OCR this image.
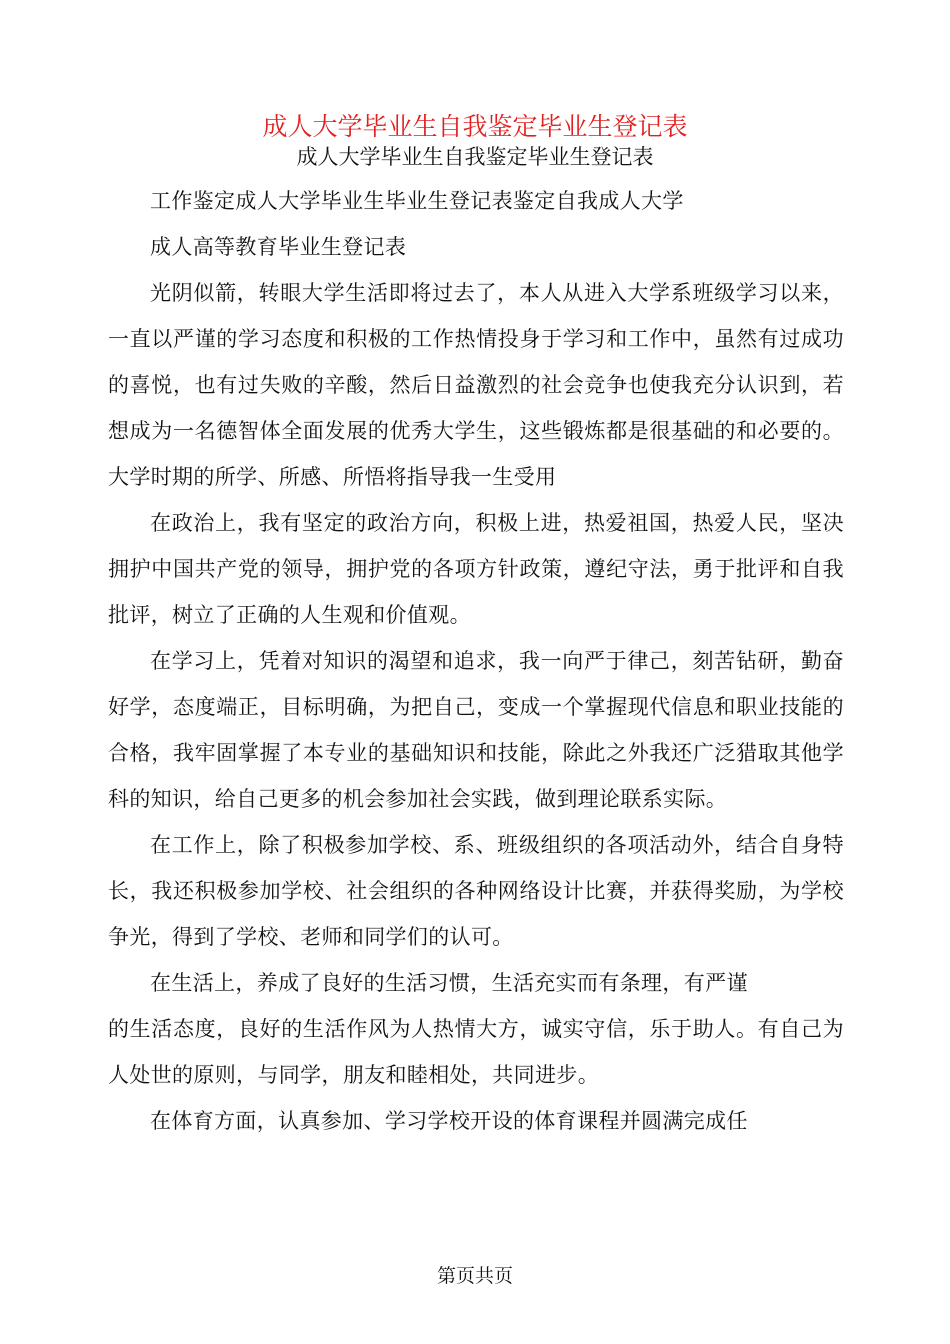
成人大学毕业生自我鉴定毕业生登记表
成人大学毕业生自我鉴定毕业生登记表

工作鉴定成人大学毕业生毕业生登记表鉴定自我成人大学

成人高等教育毕业生登记表

光阴似箭，转眼大学生活即将过去了，本人从进入大学系班级学习以来，一直以严谨的学习态度和积极的工作热情投身于学习和工作中，虽然有过成功的喜悦，也有过失败的辛酸，然后日益激烈的社会竞争也使我充分认识到，若想成为一名德智体全面发展的优秀大学生，这些锻炼都是很基础的和必要的。大学时期的所学、所感、所悟将指导我一生受用

在政治上，我有坚定的政治方向，积极上进，热爱祖国，热爱人民，坚决拥护中国共产党的领导，拥护党的各项方针政策，遵纪守法，勇于批评和自我批评，树立了正确的人生观和价值观。

在学习上，凭着对知识的渴望和追求，我一向严于律己，刻苦钻研，勤奋好学，态度端正，目标明确，为把自己，变成一个掌握现代信息和职业技能的合格，我牢固掌握了本专业的基础知识和技能，除此之外我还广泛猎取其他学科的知识，给自己更多的机会参加社会实践，做到理论联系实际。

在工作上，除了积极参加学校、系、班级组织的各项活动外，结合自身特长，我还积极参加学校、社会组织的各种网络设计比赛，并获得奖励，为学校争光，得到了学校、老师和同学们的认可。

在生活上，养成了良好的生活习惯，生活充实而有条理，有严谨

的生活态度，良好的生活作风为人热情大方，诚实守信，乐于助人。有自己为人处世的原则，与同学，朋友和睦相处，共同进步。

在体育方面，认真参加、学习学校开设的体育课程并圆满完成任

第页共页
